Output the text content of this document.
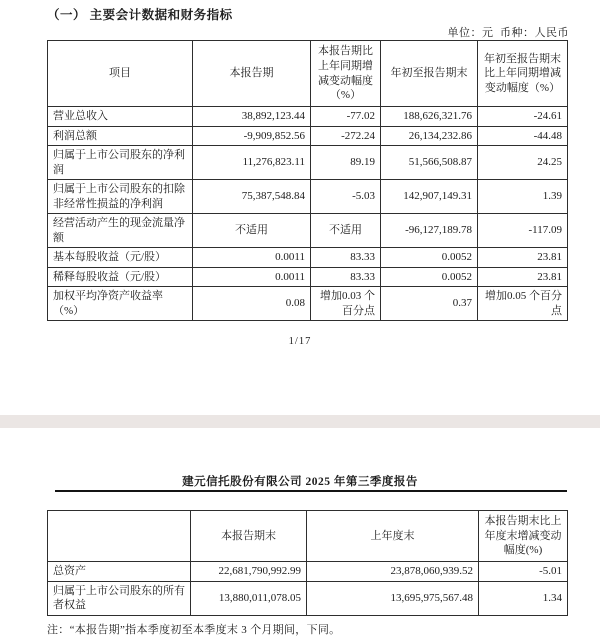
（一） 主要会计数据和财务指标
单位：元  币种：人民币
项目	本报告期	本报告期比上年同期增减变动幅度（%）	年初至报告期末	年初至报告期末比上年同期增减变动幅度（%）
营业总收入	38,892,123.44	-77.02	188,626,321.76	-24.61
利润总额	-9,909,852.56	-272.24	26,134,232.86	-44.48
归属于上市公司股东的净利润	11,276,823.11	89.19	51,566,508.87	24.25
归属于上市公司股东的扣除非经常性损益的净利润	75,387,548.84	-5.03	142,907,149.31	1.39
经营活动产生的现金流量净额	不适用	不适用	-96,127,189.78	-117.09
基本每股收益（元/股）	0.0011	83.33	0.0052	23.81
稀释每股收益（元/股）	0.0011	83.33	0.0052	23.81
加权平均净资产收益率（%）	0.08	增加0.03 个百分点	0.37	增加0.05 个百分点
1/17
建元信托股份有限公司 2025 年第三季度报告
	本报告期末	上年度末	本报告期末比上年度末增减变动幅度(%)
总资产	22,681,790,992.99	23,878,060,939.52	-5.01
归属于上市公司股东的所有者权益	13,880,011,078.05	13,695,975,567.48	1.34
注：“本报告期”指本季度初至本季度末 3 个月期间，下同。
